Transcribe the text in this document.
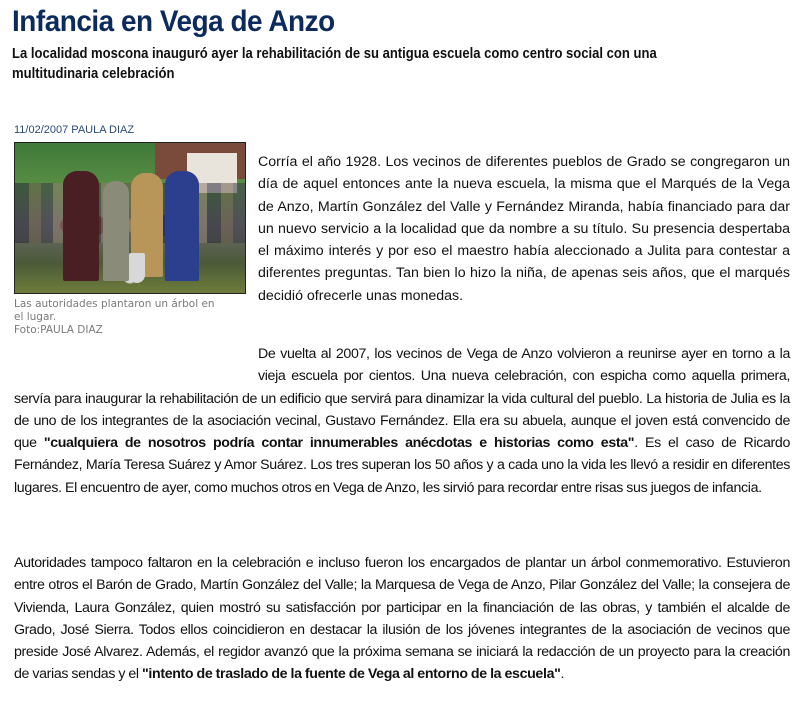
Infancia en Vega de Anzo
La localidad moscona inauguró ayer la rehabilitación de su antigua escuela como centro social con una multitudinaria celebración
11/02/2007 PAULA DIAZ
Las autoridades plantaron un árbol en
el lugar.
Foto:PAULA DIAZ

Corría el año 1928. Los vecinos de diferentes pueblos de Grado se congregaron un día de aquel entonces ante la nueva escuela, la misma que el Marqués de la Vega de Anzo, Martín González del Valle y Fernández Miranda, había financiado para dar un nuevo servicio a la localidad que da nombre a su título. Su presencia despertaba el máximo interés y por eso el maestro había aleccionado a Julita para contestar a diferentes preguntas. Tan bien lo hizo la niña, de apenas seis años, que el marqués decidió ofrecerle unas monedas.

De vuelta al 2007, los vecinos de Vega de Anzo volvieron a reunirse ayer en torno a la vieja escuela por cientos. Una nueva celebración, con espicha como aquella primera, servía para inaugurar la rehabilitación de un edificio que servirá para dinamizar la vida cultural del pueblo. La historia de Julia es la de uno de los integrantes de la asociación vecinal, Gustavo Fernández. Ella era su abuela, aunque el joven está convencido de que "cualquiera de nosotros podría contar innumerables anécdotas e historias como esta". Es el caso de Ricardo Fernández, María Teresa Suárez y Amor Suárez. Los tres superan los 50 años y a cada uno la vida les llevó a residir en diferentes lugares. El encuentro de ayer, como muchos otros en Vega de Anzo, les sirvió para recordar entre risas sus juegos de infancia.

Autoridades tampoco faltaron en la celebración e incluso fueron los encargados de plantar un árbol conmemorativo. Estuvieron entre otros el Barón de Grado, Martín González del Valle; la Marquesa de Vega de Anzo, Pilar González del Valle; la consejera de Vivienda, Laura González, quien mostró su satisfacción por participar en la financiación de las obras, y también el alcalde de Grado, José Sierra. Todos ellos coincidieron en destacar la ilusión de los jóvenes integrantes de la asociación de vecinos que preside José Alvarez. Además, el regidor avanzó que la próxima semana se iniciará la redacción de un proyecto para la creación de varias sendas y el "intento de traslado de la fuente de Vega al entorno de la escuela".
